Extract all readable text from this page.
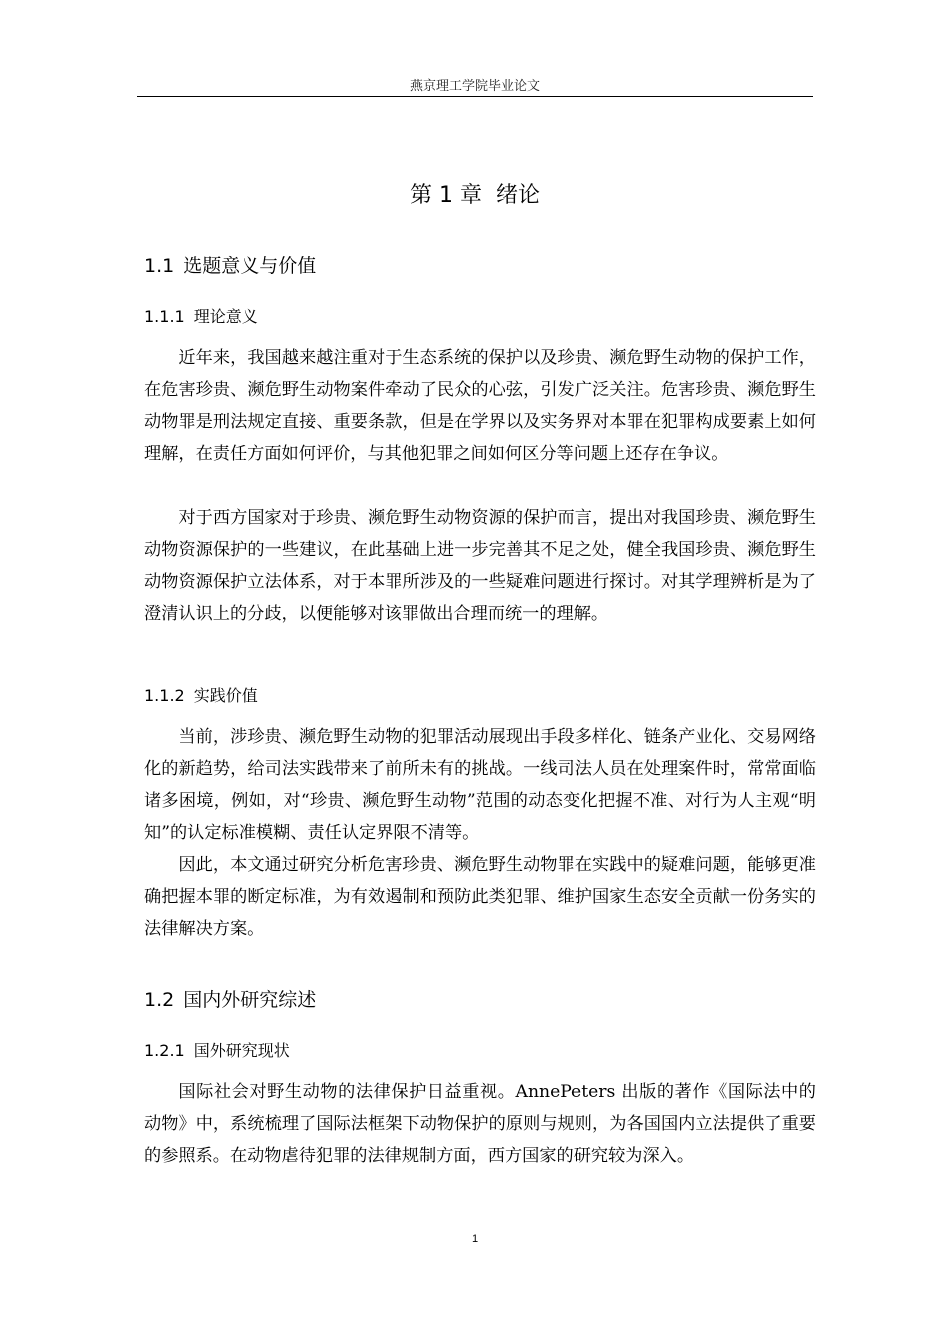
燕京理工学院毕业论文
第 1 章  绪论
1.1 选题意义与价值
1.1.1 理论意义

近年来，我国越来越注重对于生态系统的保护以及珍贵、濒危野生动物的保护工作，在危害珍贵、濒危野生动物案件牵动了民众的心弦，引发广泛关注。危害珍贵、濒危野生动物罪是刑法规定直接、重要条款，但是在学界以及实务界对本罪在犯罪构成要素上如何理解，在责任方面如何评价，与其他犯罪之间如何区分等问题上还存在争议。

对于西方国家对于珍贵、濒危野生动物资源的保护而言，提出对我国珍贵、濒危野生动物资源保护的一些建议，在此基础上进一步完善其不足之处，健全我国珍贵、濒危野生动物资源保护立法体系，对于本罪所涉及的一些疑难问题进行探讨。对其学理辨析是为了澄清认识上的分歧，以便能够对该罪做出合理而统一的理解。

1.1.2 实践价值

当前，涉珍贵、濒危野生动物的犯罪活动展现出手段多样化、链条产业化、交易网络化的新趋势，给司法实践带来了前所未有的挑战。一线司法人员在处理案件时，常常面临诸多困境，例如，对“珍贵、濒危野生动物”范围的动态变化把握不准、对行为人主观“明知”的认定标准模糊、责任认定界限不清等。

因此，本文通过研究分析危害珍贵、濒危野生动物罪在实践中的疑难问题，能够更准确把握本罪的断定标准，为有效遏制和预防此类犯罪、维护国家生态安全贡献一份务实的法律解决方案。

1.2 国内外研究综述
1.2.1 国外研究现状

国际社会对野生动物的法律保护日益重视。AnnePeters 出版的著作《国际法中的动物》中，系统梳理了国际法框架下动物保护的原则与规则，为各国国内立法提供了重要的参照系。在动物虐待犯罪的法律规制方面，西方国家的研究较为深入。

1
